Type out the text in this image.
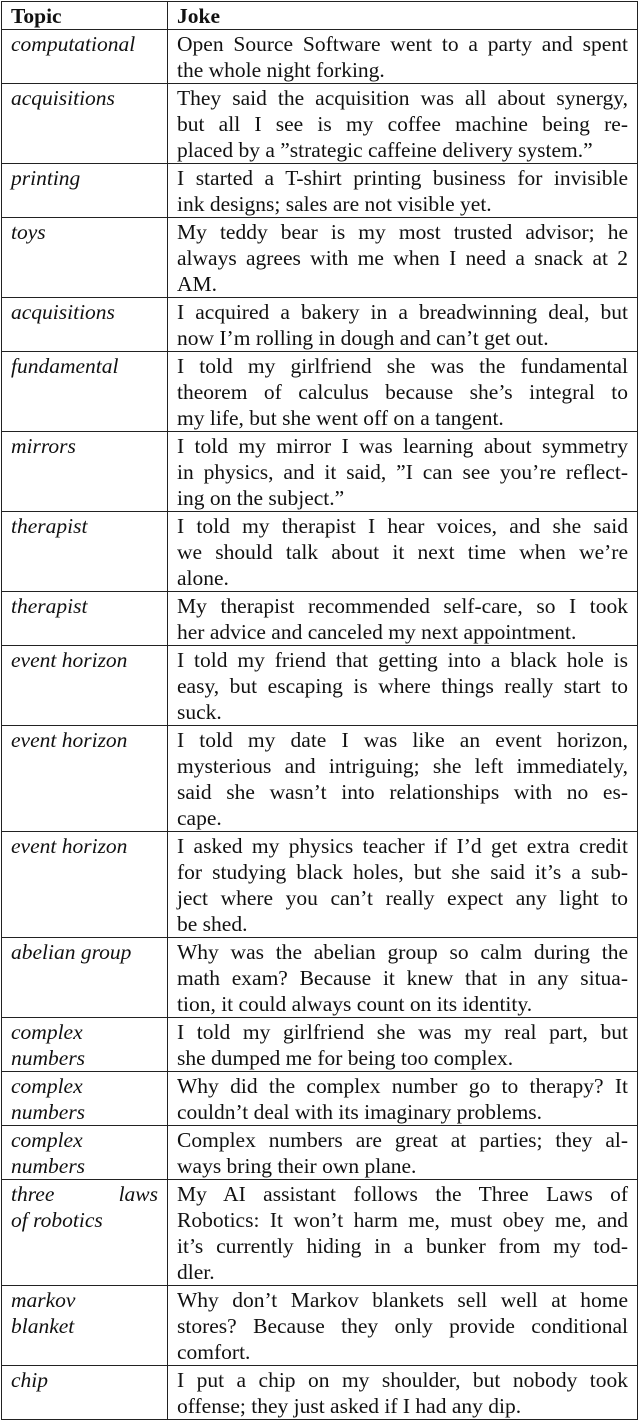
Topic	Joke

computational	Open Source Software went to a party and spent
the whole night forking.

acquisitions	They said the acquisition was all about synergy,
but all I see is my coffee machine being re-
placed by a ”strategic caffeine delivery system.”

printing	I started a T-shirt printing business for invisible
ink designs; sales are not visible yet.

toys	My teddy bear is my most trusted advisor; he
always agrees with me when I need a snack at 2
AM.

acquisitions	I acquired a bakery in a breadwinning deal, but
now I’m rolling in dough and can’t get out.

fundamental	I told my girlfriend she was the fundamental
theorem of calculus because she’s integral to
my life, but she went off on a tangent.

mirrors	I told my mirror I was learning about symmetry
in physics, and it said, ”I can see you’re reflect-
ing on the subject.”

therapist	I told my therapist I hear voices, and she said
we should talk about it next time when we’re
alone.

therapist	My therapist recommended self-care, so I took
her advice and canceled my next appointment.

event horizon	I told my friend that getting into a black hole is
easy, but escaping is where things really start to
suck.

event horizon	I told my date I was like an event horizon,
mysterious and intriguing; she left immediately,
said she wasn’t into relationships with no es-
cape.

event horizon	I asked my physics teacher if I’d get extra credit
for studying black holes, but she said it’s a sub-
ject where you can’t really expect any light to
be shed.

abelian group	Why was the abelian group so calm during the
math exam? Because it knew that in any situa-
tion, it could always count on its identity.

complex
numbers	I told my girlfriend she was my real part, but
she dumped me for being too complex.

complex
numbers	Why did the complex number go to therapy? It
couldn’t deal with its imaginary problems.

complex
numbers	Complex numbers are great at parties; they al-
ways bring their own plane.

three laws
of robotics	My AI assistant follows the Three Laws of
Robotics: It won’t harm me, must obey me, and
it’s currently hiding in a bunker from my tod-
dler.

markov
blanket	Why don’t Markov blankets sell well at home
stores? Because they only provide conditional
comfort.

chip	I put a chip on my shoulder, but nobody took
offense; they just asked if I had any dip.
